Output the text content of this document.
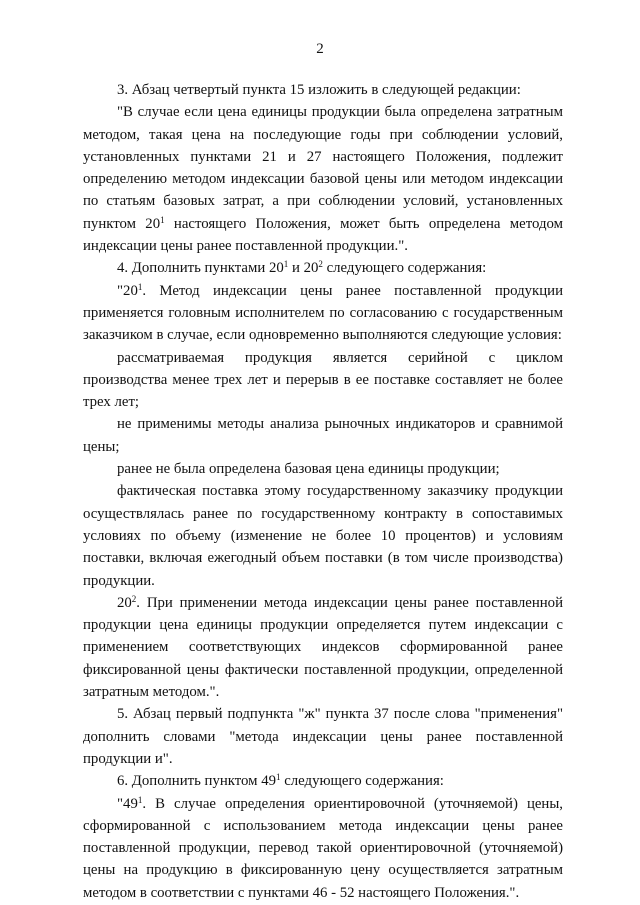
2

3. Абзац четвертый пункта 15 изложить в следующей редакции:

"В случае если цена единицы продукции была определена затратным методом, такая цена на последующие годы при соблюдении условий, установленных пунктами 21 и 27 настоящего Положения, подлежит определению методом индексации базовой цены или методом индексации по статьям базовых затрат, а при соблюдении условий, установленных пунктом $20^1$ настоящего Положения, может быть определена методом индексации цены ранее поставленной продукции.".

4. Дополнить пунктами $20^1$ и $20^2$ следующего содержания:

"$20^1$. Метод индексации цены ранее поставленной продукции применяется головным исполнителем по согласованию с государственным заказчиком в случае, если одновременно выполняются следующие условия:

рассматриваемая продукция является серийной с циклом производства менее трех лет и перерыв в ее поставке составляет не более трех лет;

не применимы методы анализа рыночных индикаторов и сравнимой цены;

ранее не была определена базовая цена единицы продукции;

фактическая поставка этому государственному заказчику продукции осуществлялась ранее по государственному контракту в сопоставимых условиях по объему (изменение не более 10 процентов) и условиям поставки, включая ежегодный объем поставки (в том числе производства) продукции.

$20^2$. При применении метода индексации цены ранее поставленной продукции цена единицы продукции определяется путем индексации с применением соответствующих индексов сформированной ранее фиксированной цены фактически поставленной продукции, определенной затратным методом.".

5. Абзац первый подпункта "ж" пункта 37 после слова "применения" дополнить словами "метода индексации цены ранее поставленной продукции и".

6. Дополнить пунктом $49^1$ следующего содержания:

"$49^1$. В случае определения ориентировочной (уточняемой) цены, сформированной с использованием метода индексации цены ранее поставленной продукции, перевод такой ориентировочной (уточняемой) цены на продукцию в фиксированную цену осуществляется затратным методом в соответствии с пунктами 46 - 52 настоящего Положения.".
